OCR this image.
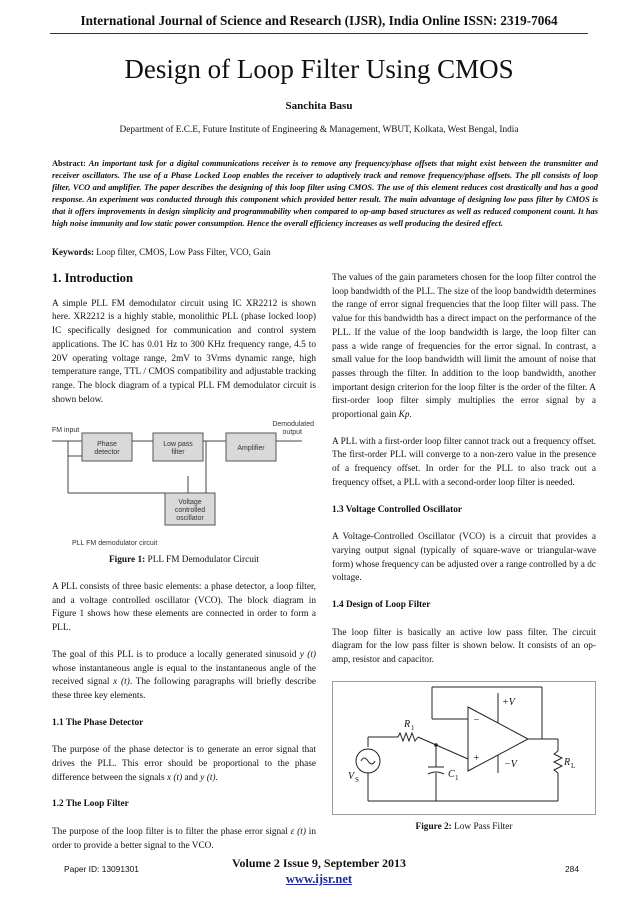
International Journal of Science and Research (IJSR), India Online ISSN: 2319-7064
Design of Loop Filter Using CMOS
Sanchita Basu
Department of E.C.E, Future Institute of Engineering & Management, WBUT, Kolkata, West Bengal, India
Abstract: An important task for a digital communications receiver is to remove any frequency/phase offsets that might exist between the transmitter and receiver oscillators. The use of a Phase Locked Loop enables the receiver to adaptively track and remove frequency/phase offsets. The pll consists of loop filter, VCO and amplifier. The paper describes the designing of this loop filter using CMOS. The use of this element reduces cost drastically and has a good response. An experiment was conducted through this component which provided better result. The main advantage of designing low pass filter by CMOS is that it offers improvements in design simplicity and programmability when compared to op-amp based structures as well as reduced component count. It has high noise immunity and low static power consumption. Hence the overall efficiency increases as well producing the desired effect.
Keywords: Loop filter, CMOS, Low Pass Filter, VCO, Gain
1. Introduction

A simple PLL FM demodulator circuit using IC XR2212 is shown here. XR2212 is a highly stable, monolithic PLL (phase locked loop) IC specifically designed for communication and control system applications. The IC has 0.01 Hz to 300 KHz frequency range, 4.5 to 20V operating voltage range, 2mV to 3Vrms dynamic range, high temperature range, TTL / CMOS compatibility and adjustable tracking range. The block diagram of a typical PLL FM demodulator circuit is shown below.

FM input
Demodulated
output
Phase
detector
Low pass
filter
Amplifier
Voltage
controlled
oscillator
PLL FM demodulator circuit
Figure 1: PLL FM Demodulator Circuit

A PLL consists of three basic elements: a phase detector, a loop filter, and a voltage controlled oscillator (VCO). The block diagram in Figure 1 shows how these elements are connected in order to form a PLL.

The goal of this PLL is to produce a locally generated sinusoid y (t) whose instantaneous angle is equal to the instantaneous angle of the received signal x (t). The following paragraphs will briefly describe these three key elements.

1.1 The Phase Detector

The purpose of the phase detector is to generate an error signal that drives the PLL. This error should be proportional to the phase difference between the signals x (t) and y (t).

1.2 The Loop Filter

The purpose of the loop filter is to filter the phase error signal ε (t) in order to provide a better signal to the VCO.

The values of the gain parameters chosen for the loop filter control the loop bandwidth of the PLL. The size of the loop bandwidth determines the range of error signal frequencies that the loop filter will pass. The value for this bandwidth has a direct impact on the performance of the PLL. If the value of the loop bandwidth is large, the loop filter can pass a wide range of frequencies for the error signal. In contrast, a small value for the loop bandwidth will limit the amount of noise that passes through the filter. In addition to the loop bandwidth, another important design criterion for the loop filter is the order of the filter. A first-order loop filter simply multiplies the error signal by a proportional gain Kp.

A PLL with a first-order loop filter cannot track out a frequency offset. The first-order PLL will converge to a non-zero value in the presence of a frequency offset. In order for the PLL to also track out a frequency offset, a PLL with a second-order loop filter is needed.

1.3 Voltage Controlled Oscillator

A Voltage-Controlled Oscillator (VCO) is a circuit that provides a varying output signal (typically of square-wave or triangular-wave form) whose frequency can be adjusted over a range controlled by a dc voltage.

1.4 Design of Loop Filter

The loop filter is basically an active low pass filter. The circuit diagram for the low pass filter is shown below. It consists of an op-amp, resistor and capacitor.

−
+
+V
−V
R 1
C 1
V S
R L
Figure 2: Low Pass Filter
Volume 2 Issue 9, September 2013
www.ijsr.net
Paper ID: 13091301	284
